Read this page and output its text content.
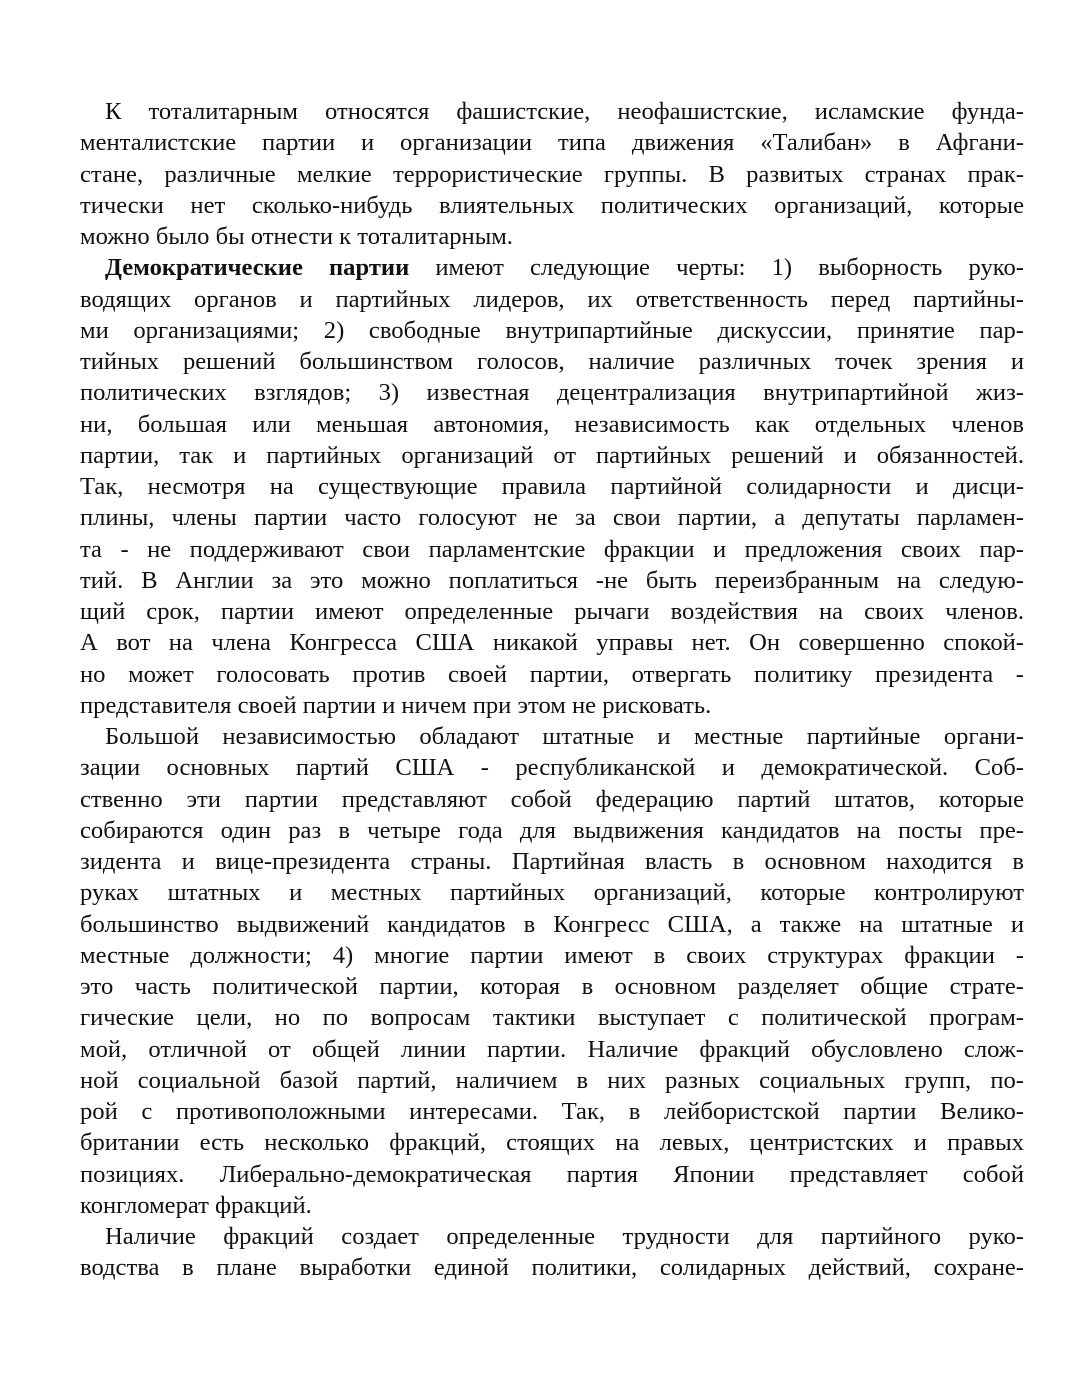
К тоталитарным относятся фашистские, неофашистские, исламские фунда-
менталистские партии и организации типа движения «Талибан» в Афгани-
стане, различные мелкие террористические группы. В развитых странах прак-
тически нет сколько-нибудь влиятельных политических организаций, которые
можно было бы отнести к тоталитарным.
Демократические партии имеют следующие черты: 1) выборность руко-
водящих органов и партийных лидеров, их ответственность перед партийны-
ми организациями; 2) свободные внутрипартийные дискуссии, принятие пар-
тийных решений большинством голосов, наличие различных точек зрения и
политических взглядов; 3) известная децентрализация внутрипартийной жиз-
ни, большая или меньшая автономия, независимость как отдельных членов
партии, так и партийных организаций от партийных решений и обязанностей.
Так, несмотря на существующие правила партийной солидарности и дисци-
плины, члены партии часто голосуют не за свои партии, а депутаты парламен-
та - не поддерживают свои парламентские фракции и предложения своих пар-
тий. В Англии за это можно поплатиться -не быть переизбранным на следую-
щий срок, партии имеют определенные рычаги воздействия на своих членов.
А вот на члена Конгресса США никакой управы нет. Он совершенно спокой-
но может голосовать против своей партии, отвергать политику президента -
представителя своей партии и ничем при этом не рисковать.
Большой независимостью обладают штатные и местные партийные органи-
зации основных партий США - республиканской и демократической. Соб-
ственно эти партии представляют собой федерацию партий штатов, которые
собираются один раз в четыре года для выдвижения кандидатов на посты пре-
зидента и вице-президента страны. Партийная власть в основном находится в
руках штатных и местных партийных организаций, которые контролируют
большинство выдвижений кандидатов в Конгресс США, а также на штатные и
местные должности; 4) многие партии имеют в своих структурах фракции -
это часть политической партии, которая в основном разделяет общие страте-
гические цели, но по вопросам тактики выступает с политической програм-
мой, отличной от общей линии партии. Наличие фракций обусловлено слож-
ной социальной базой партий, наличием в них разных социальных групп, по-
рой с противоположными интересами. Так, в лейбористской партии Велико-
британии есть несколько фракций, стоящих на левых, центристских и правых
позициях. Либерально-демократическая партия Японии представляет собой
конгломерат фракций.
Наличие фракций создает определенные трудности для партийного руко-
водства в плане выработки единой политики, солидарных действий, сохране-
